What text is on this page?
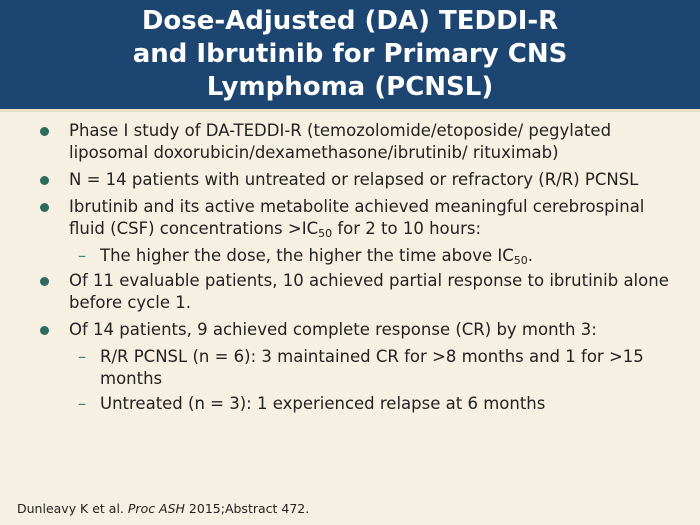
Dose-Adjusted (DA) TEDDI-R
and Ibrutinib for Primary CNS
Lymphoma (PCNSL)
Phase I study of DA-TEDDI-R (temozolomide/etoposide/ pegylated liposomal doxorubicin/dexamethasone/ibrutinib/ rituximab)
N = 14 patients with untreated or relapsed or refractory (R/R) PCNSL
Ibrutinib and its active metabolite achieved meaningful cerebrospinal fluid (CSF) concentrations $>IC_{50}$ for 2 to 10 hours:
– The higher the dose, the higher the time above $IC_{50}$.
Of 11 evaluable patients, 10 achieved partial response to ibrutinib alone before cycle 1.
Of 14 patients, 9 achieved complete response (CR) by month 3:
– R/R PCNSL (n = 6): 3 maintained CR for >8 months and 1 for >15 months
– Untreated (n = 3): 1 experienced relapse at 6 months
Dunleavy K et al. Proc ASH 2015;Abstract 472.
